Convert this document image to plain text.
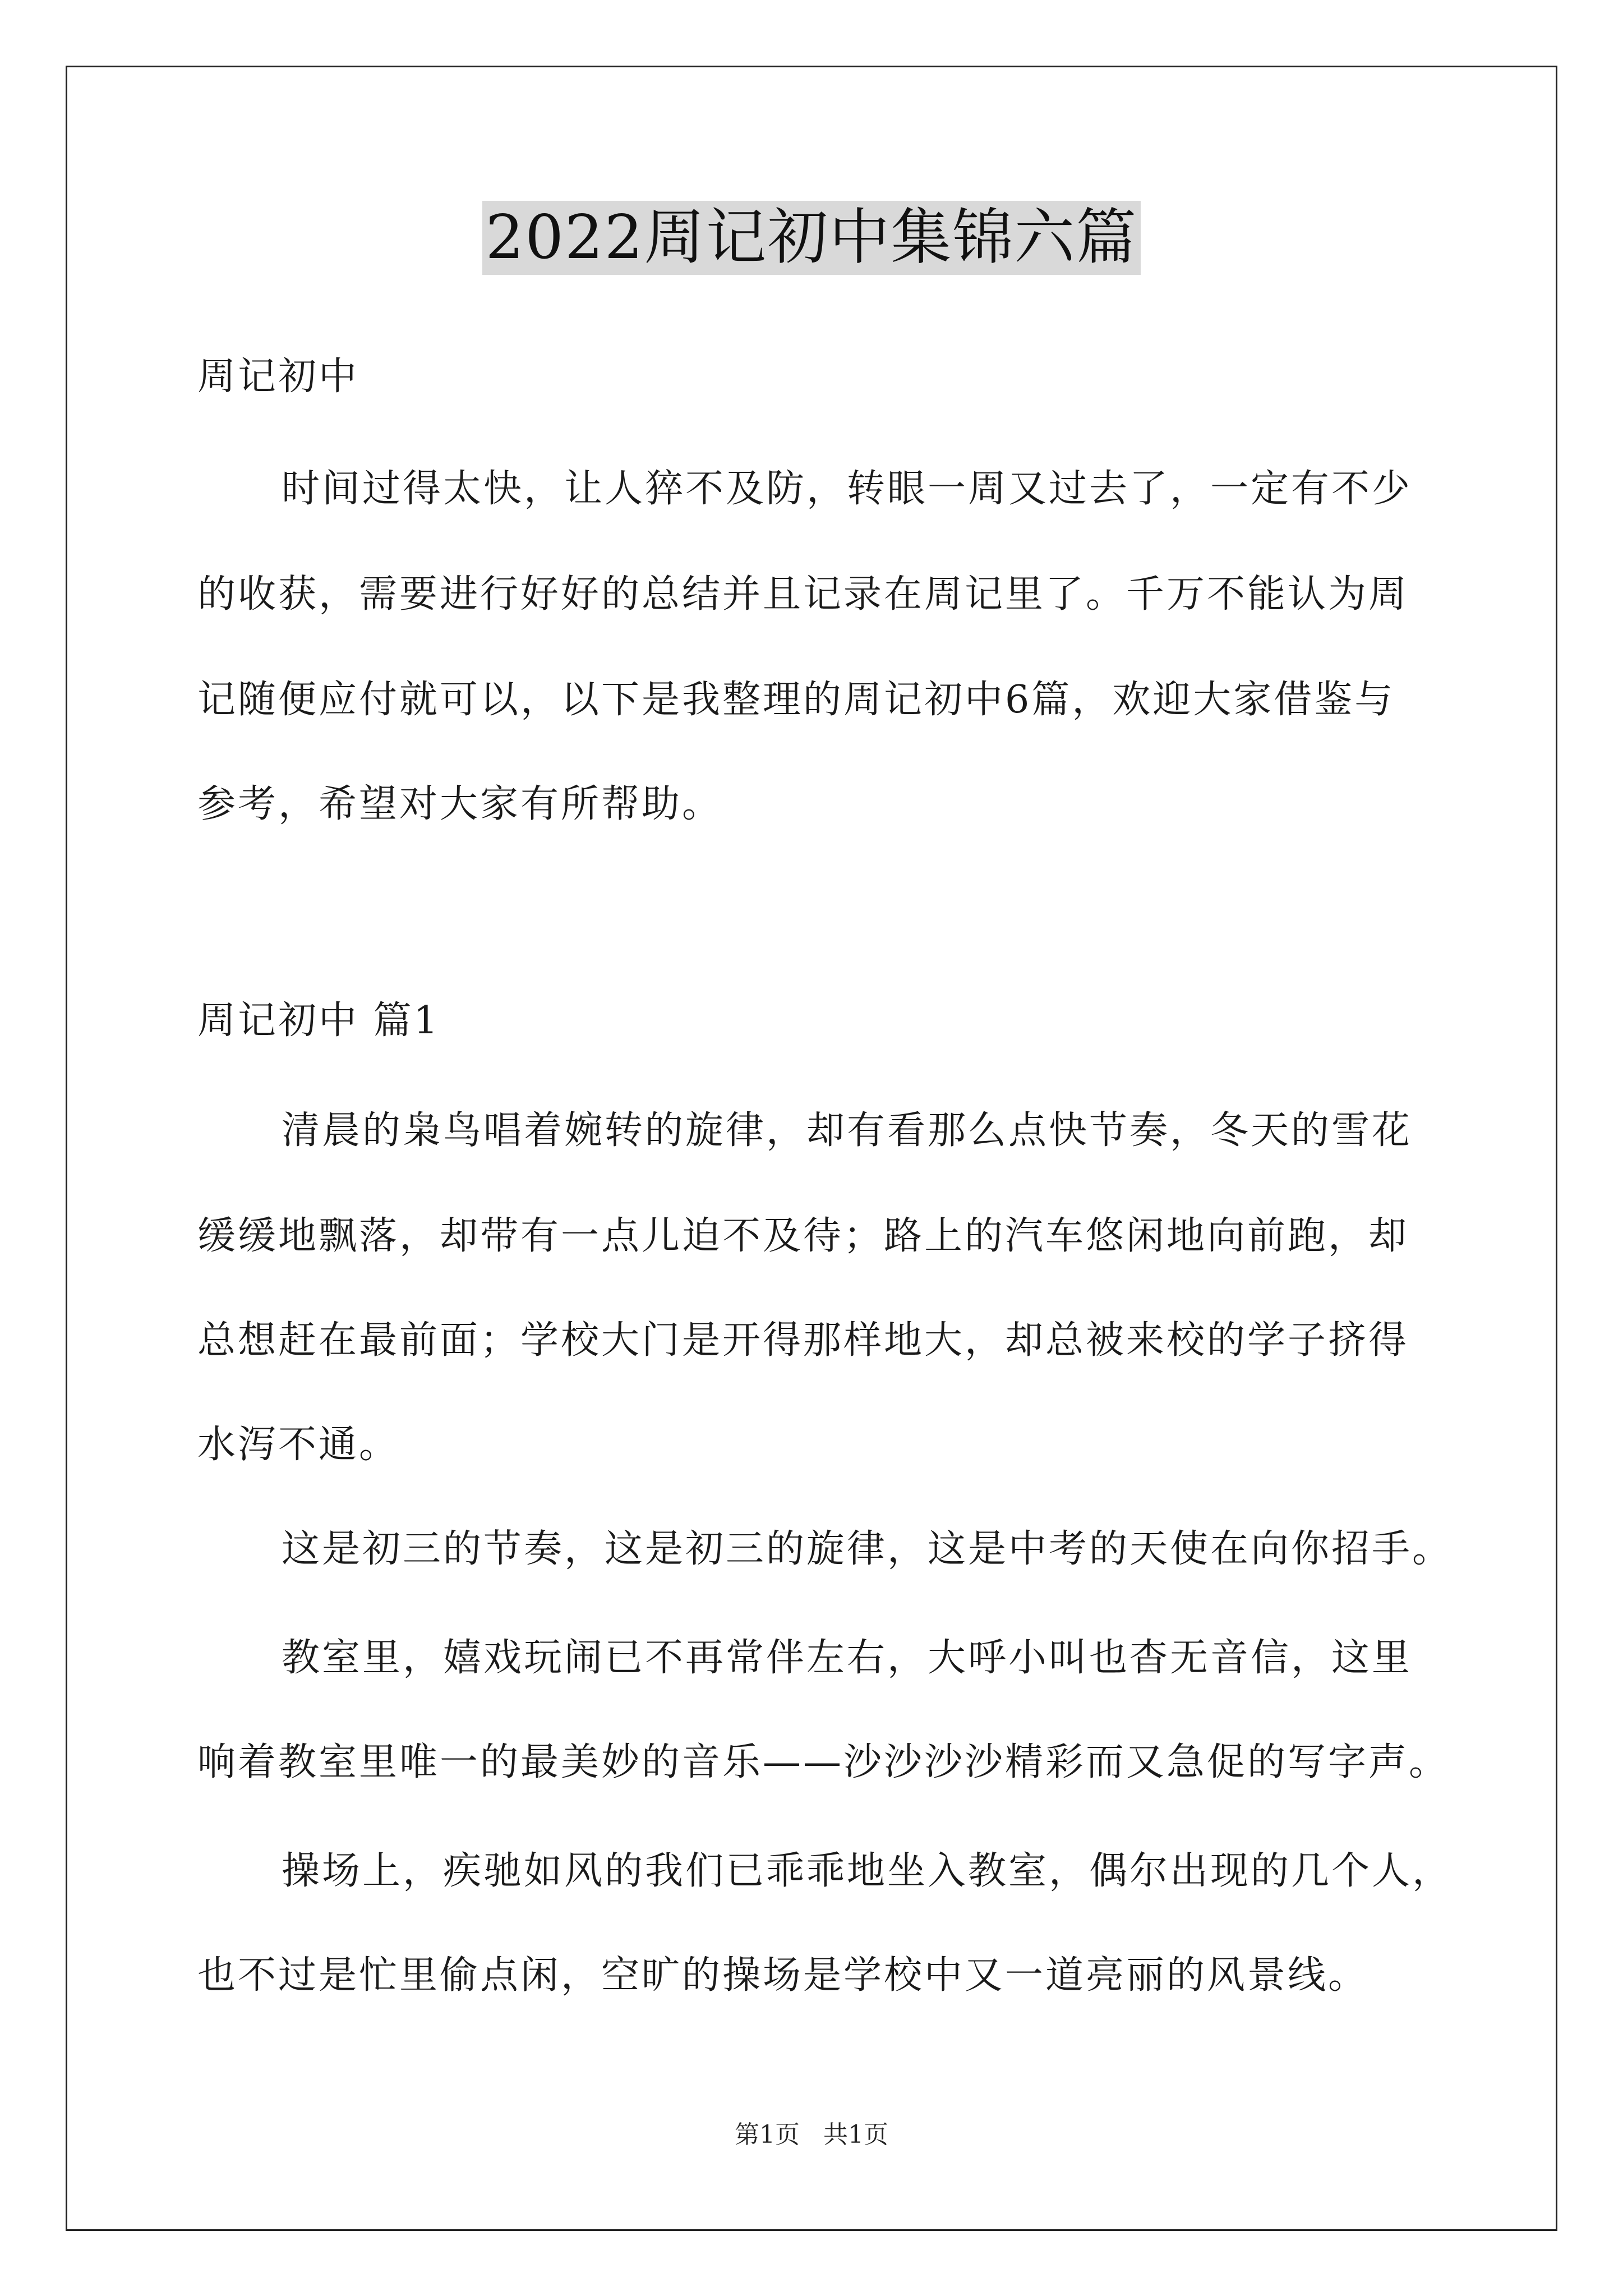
2022周记初中集锦六篇
周记初中
时间过得太快，让人猝不及防，转眼一周又过去了，一定有不少
的收获，需要进行好好的总结并且记录在周记里了。千万不能认为周
记随便应付就可以，以下是我整理的周记初中6篇，欢迎大家借鉴与
参考，希望对大家有所帮助。
周记初中 篇1
清晨的枭鸟唱着婉转的旋律，却有看那么点快节奏，冬天的雪花
缓缓地飘落，却带有一点儿迫不及待；路上的汽车悠闲地向前跑，却
总想赶在最前面；学校大门是开得那样地大，却总被来校的学子挤得
水泻不通。
这是初三的节奏，这是初三的旋律，这是中考的天使在向你招手。
教室里，嬉戏玩闹已不再常伴左右，大呼小叫也杳无音信，这里
响着教室里唯一的最美妙的音乐——沙沙沙沙精彩而又急促的写字声。
操场上，疾驰如风的我们已乖乖地坐入教室，偶尔出现的几个人，
也不过是忙里偷点闲，空旷的操场是学校中又一道亮丽的风景线。
第1页   共1页
